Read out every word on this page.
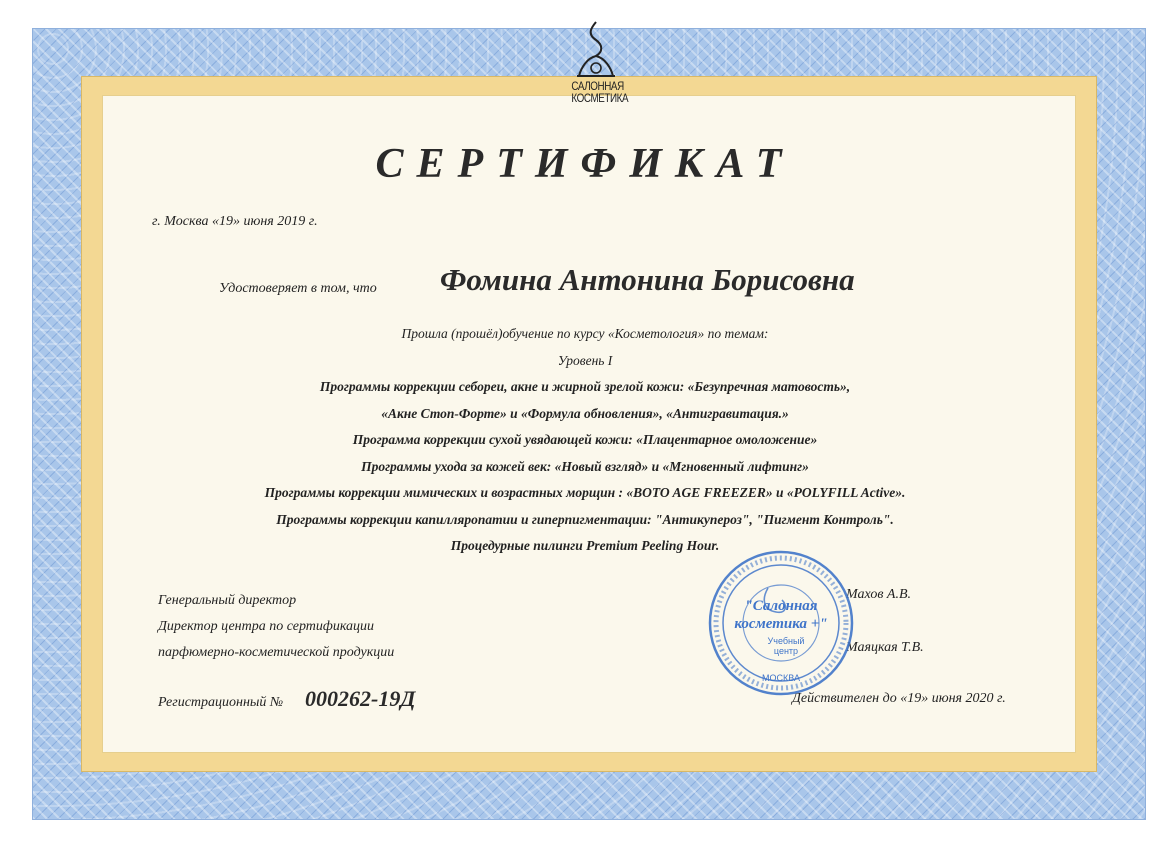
САЛОННАЯ
КОСМЕТИКА
СЕРТИФИКАТ
г. Москва «19» июня 2019 г.
Удостоверяет в том, что Фомина Антонина Борисовна
Прошла (прошёл)обучение по курсу «Косметология» по темам:
Уровень I
Программы коррекции себореи, акне и жирной зрелой кожи: «Безупречная матовость»,
«Акне Стоп-Форте» и «Формула обновления», «Антигравитация.»
Программа коррекции сухой увядающей кожи: «Плацентарное омоложение»
Программы ухода за кожей век: «Новый взгляд» и «Мгновенный лифтинг»
Программы коррекции мимических и возрастных морщин : «BOTO AGE FREEZER» и «POLYFILL Active».
Программы коррекции капилляропатии и гиперпигментации: "Антикупероз", "Пигмент Контроль".
Процедурные пилинги Premium Peeling Hour.
Генеральный директор	Махов А.В.
Директор центра по сертификации
парфюмерно-косметической продукции	Маяцкая Т.В.
Регистрационный № 000262-19Д	Действителен до «19» июня 2020 г.
"Салонная
косметика +"
Учебный
центр
МОСКВА
